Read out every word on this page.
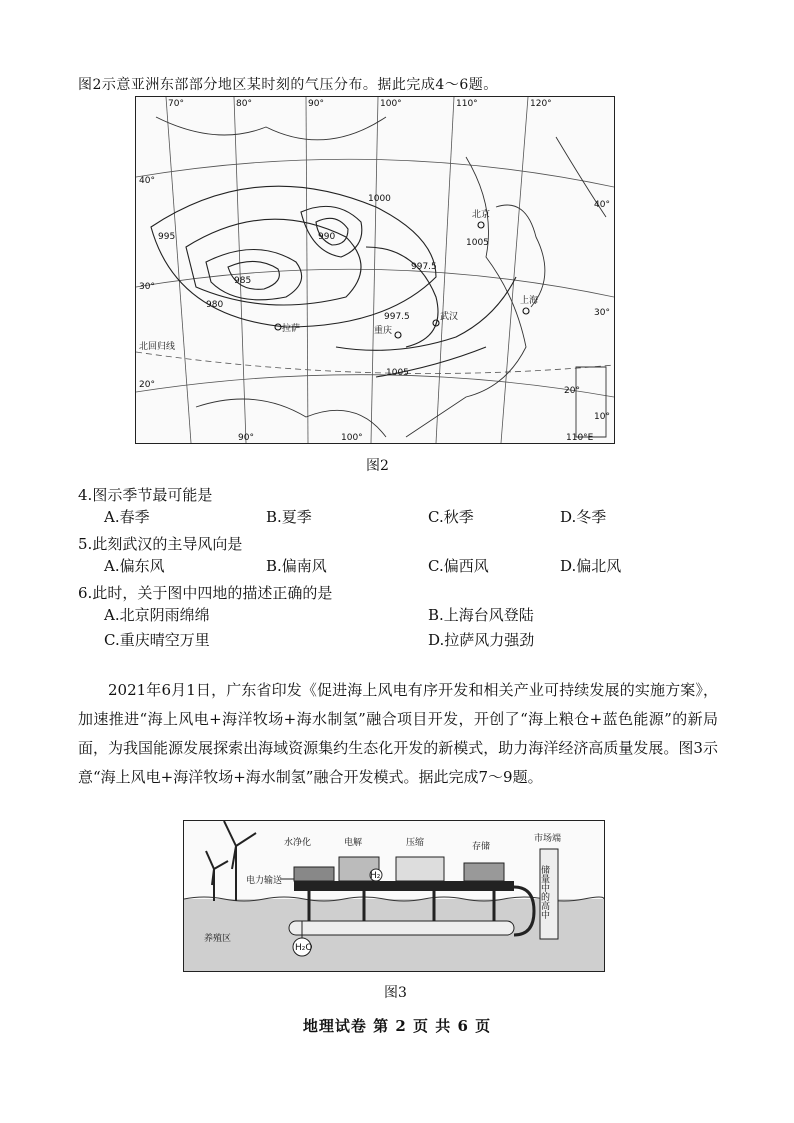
图2示意亚洲东部部分地区某时刻的气压分布。据此完成4～6题。
70°	80°	90°	100°	110°	120°
90°	100°	110°E
40°
30°
20°
40°
30°
20°
10°
1000
995	990
985
980
997.5
1005
997.5
1005
北京
上海
武汉
重庆
拉萨
北回归线
图2
4.图示季节最可能是
A.春季	B.夏季	C.秋季	D.冬季
5.此刻武汉的主导风向是
A.偏东风	B.偏南风	C.偏西风	D.偏北风
6.此时，关于图中四地的描述正确的是
A.北京阴雨绵绵	B.上海台风登陆
C.重庆晴空万里	D.拉萨风力强劲

2021年6月1日，广东省印发《促进海上风电有序开发和相关产业可持续发展的实施方案》，加速推进“海上风电+海洋牧场+海水制氢”融合项目开发，开创了“海上粮仓+蓝色能源”的新局面，为我国能源发展探索出海域资源集约生态化开发的新模式，助力海洋经济高质量发展。图3示意“海上风电+海洋牧场+海水制氢”融合开发模式。据此完成7～9题。

水净化	电解	压缩	存储
市场端
电力输送	H₂
H₂O
养殖区
储量中的高中
图3
地理试卷 第 2 页 共 6 页
